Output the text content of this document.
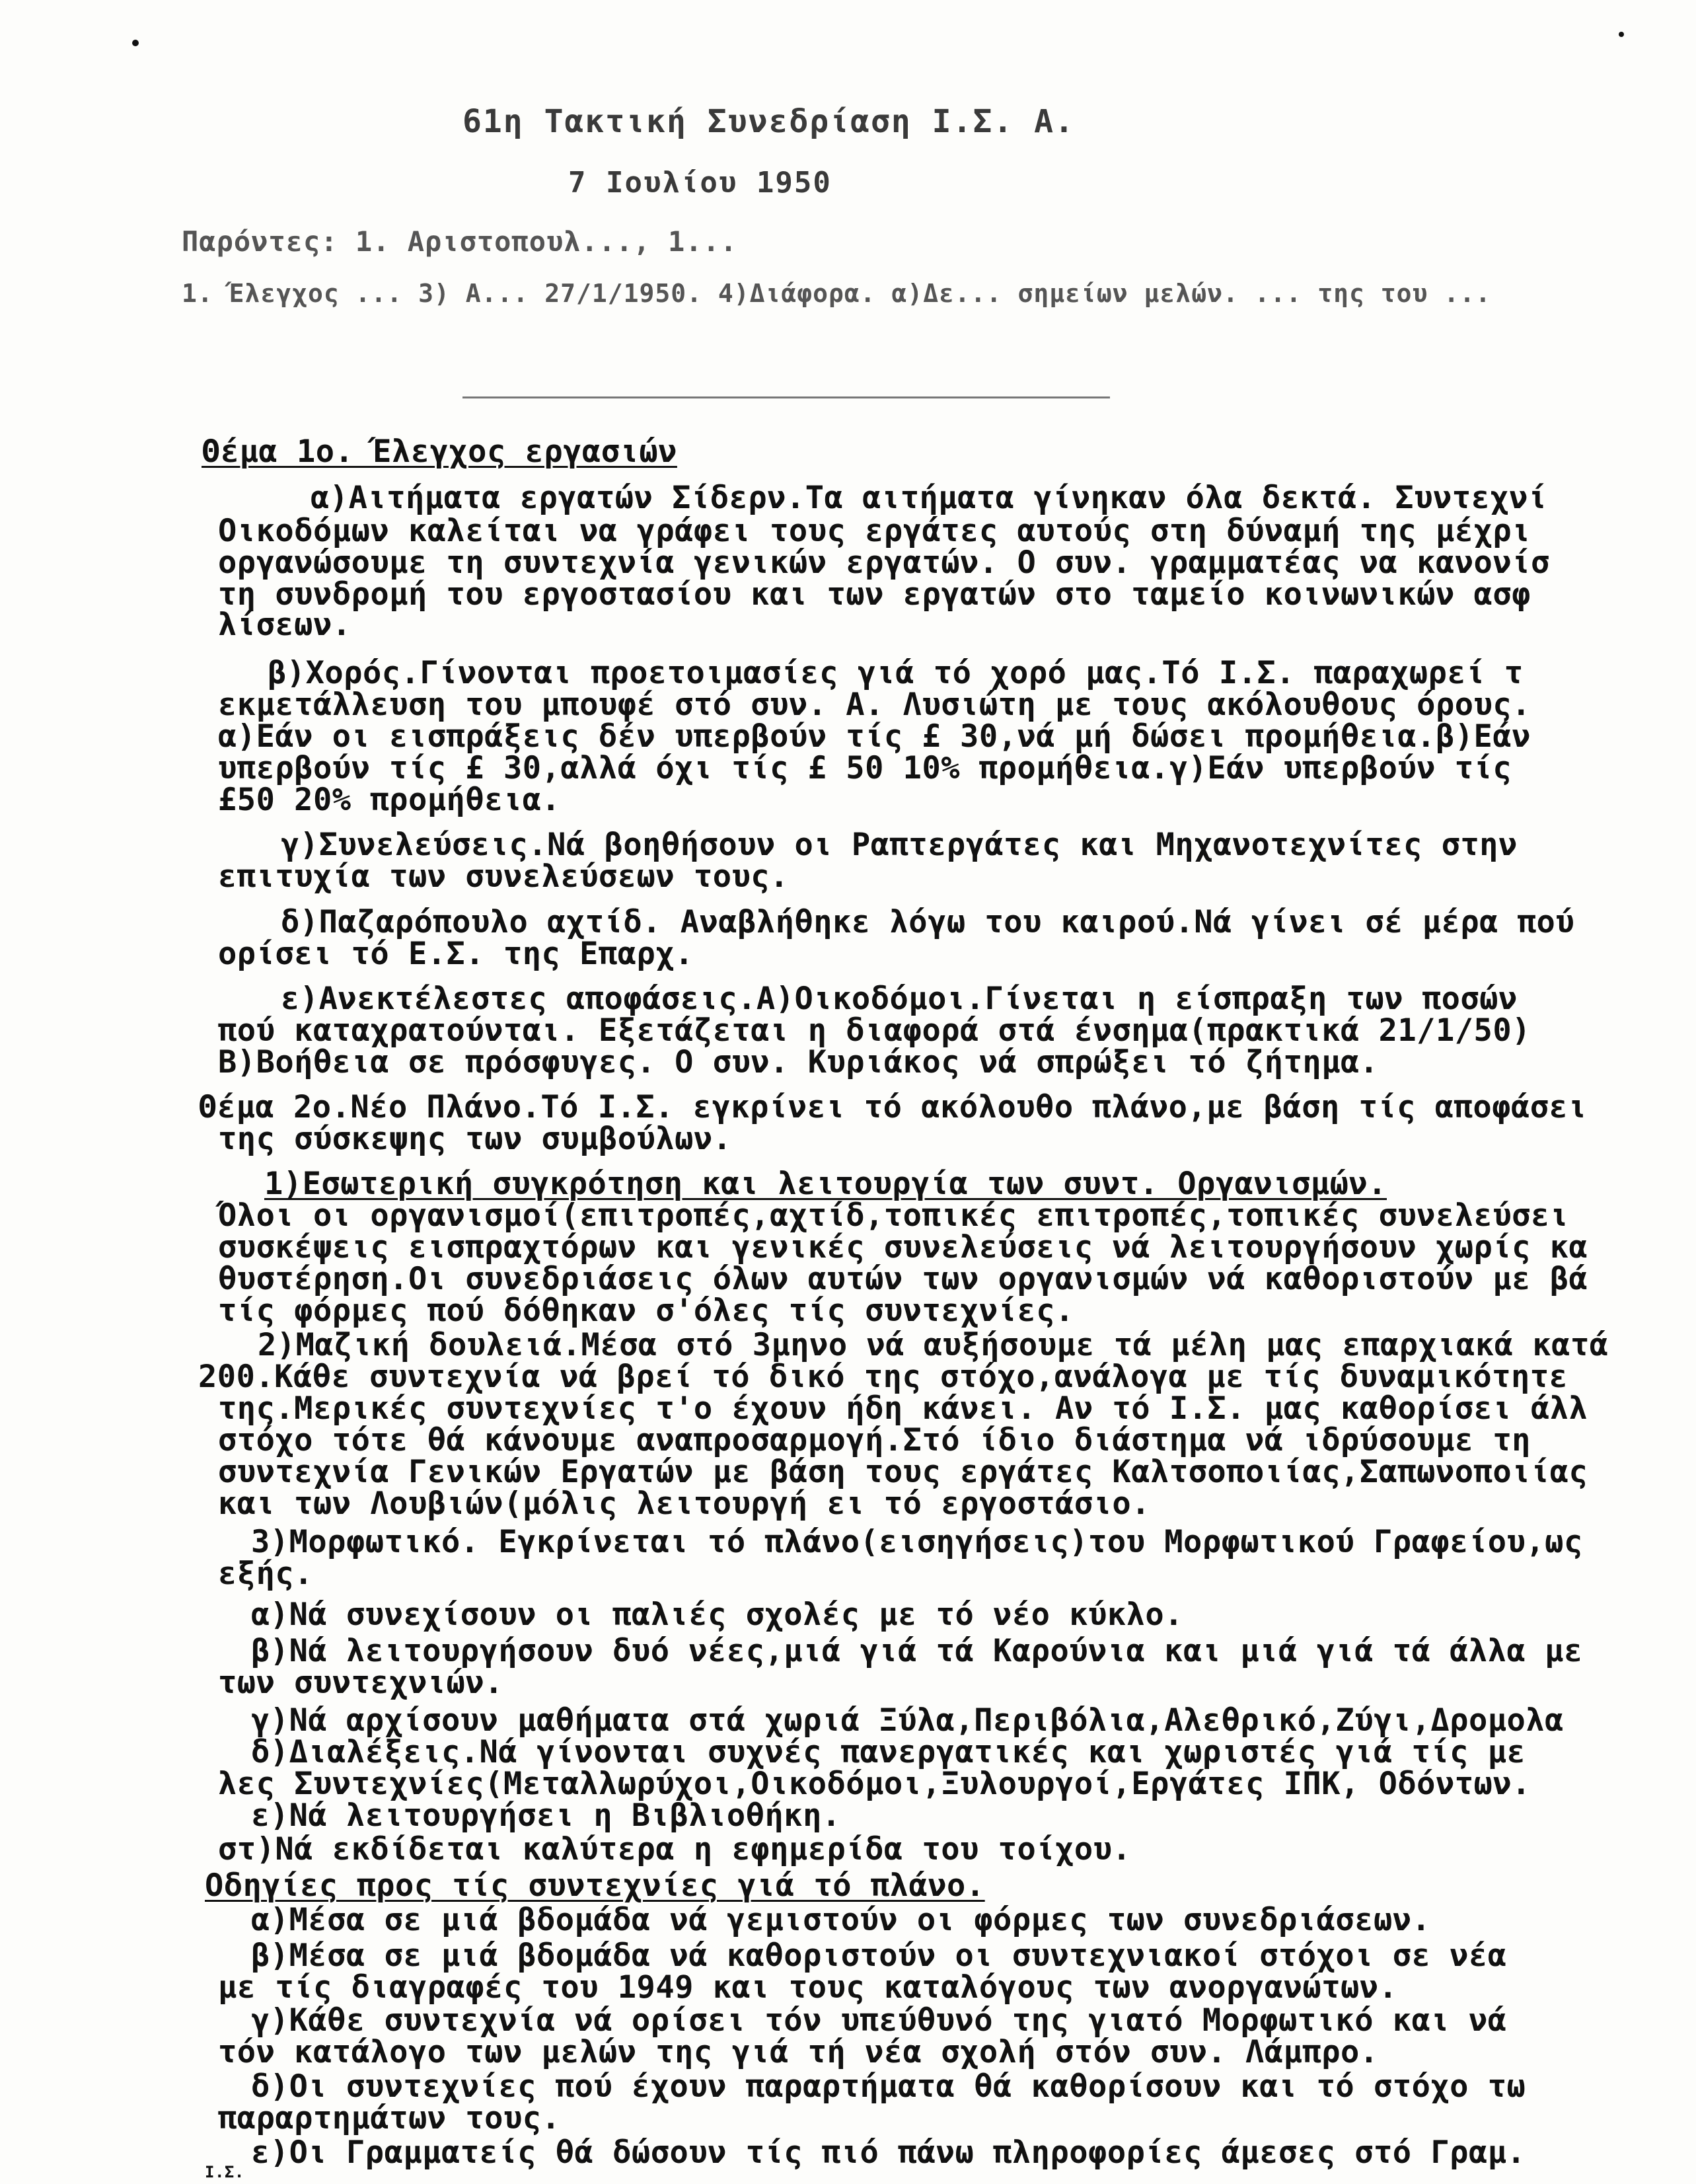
61η Τακτική Συνεδρίαση Ι.Σ. Α.
7 Ιουλίου 1950
Παρόντες: 1. Αριστοπουλ..., 1...
1. Έλεγχος ... 3) Α... 27/1/1950. 4)Διάφορα. α)Δε... σημείων μελών. ... της του ...
Θέμα 1ο. Έλεγχος εργασιών
α)Αιτήματα εργατών Σίδερν.Τα αιτήματα γίνηκαν όλα δεκτά. Συντεχνί
Οικοδόμων καλείται να γράφει τους εργάτες αυτούς στη δύναμή της μέχρι
οργανώσουμε τη συντεχνία γενικών εργατών. Ο συν. γραμματέας να κανονίσ
τη συνδρομή του εργοστασίου και των εργατών στο ταμείο κοινωνικών ασφ
λίσεων.
β)Χορός.Γίνονται προετοιμασίες γιά τό χορό μας.Τό Ι.Σ. παραχωρεί τ
εκμετάλλευση του μπουφέ στό συν. Α. Λυσιώτη με τους ακόλουθους όρους.
α)Εάν οι εισπράξεις δέν υπερβούν τίς £ 30,νά μή δώσει προμήθεια.β)Εάν
υπερβούν τίς £ 30,αλλά όχι τίς £ 50 10% προμήθεια.γ)Εάν υπερβούν τίς
£50 20% προμήθεια.
γ)Συνελεύσεις.Νά βοηθήσουν οι Ραπτεργάτες και Μηχανοτεχνίτες στην
επιτυχία των συνελεύσεων τους.
δ)Παζαρόπουλο αχτίδ. Αναβλήθηκε λόγω του καιρού.Νά γίνει σέ μέρα πού
ορίσει τό Ε.Σ. της Επαρχ.
ε)Ανεκτέλεστες αποφάσεις.Α)Οικοδόμοι.Γίνεται η είσπραξη των ποσών
πού καταχρατούνται. Εξετάζεται η διαφορά στά ένσημα(πρακτικά 21/1/50)
Β)Βοήθεια σε πρόσφυγες. Ο συν. Κυριάκος νά σπρώξει τό ζήτημα.
Θέμα 2ο.Νέο Πλάνο.Τό Ι.Σ. εγκρίνει τό ακόλουθο πλάνο,με βάση τίς αποφάσει
της σύσκεψης των συμβούλων.
1)Εσωτερική συγκρότηση και λειτουργία των συντ. Οργανισμών.
Όλοι οι οργανισμοί(επιτροπές,αχτίδ,τοπικές επιτροπές,τοπικές συνελεύσει
συσκέψεις εισπραχτόρων και γενικές συνελεύσεις νά λειτουργήσουν χωρίς κα
θυστέρηση.Οι συνεδριάσεις όλων αυτών των οργανισμών νά καθοριστούν με βά
τίς φόρμες πού δόθηκαν σ'όλες τίς συντεχνίες.
2)Μαζική δουλειά.Μέσα στό 3μηνο νά αυξήσουμε τά μέλη μας επαρχιακά κατά
200.Κάθε συντεχνία νά βρεί τό δικό της στόχο,ανάλογα με τίς δυναμικότητε
της.Μερικές συντεχνίες τ'ο έχουν ήδη κάνει. Αν τό Ι.Σ. μας καθορίσει άλλ
στόχο τότε θά κάνουμε αναπροσαρμογή.Στό ίδιο διάστημα νά ιδρύσουμε τη
συντεχνία Γενικών Εργατών με βάση τους εργάτες Καλτσοποιίας,Σαπωνοποιίας
και των Λουβιών(μόλις λειτουργή ει τό εργοστάσιο.
3)Μορφωτικό. Εγκρίνεται τό πλάνο(εισηγήσεις)του Μορφωτικού Γραφείου,ως
εξής.
α)Νά συνεχίσουν οι παλιές σχολές με τό νέο κύκλο.
β)Νά λειτουργήσουν δυό νέες,μιά γιά τά Καρούνια και μιά γιά τά άλλα με
των συντεχνιών.
γ)Νά αρχίσουν μαθήματα στά χωριά Ξύλα,Περιβόλια,Αλεθρικό,Ζύγι,Δρομολα
δ)Διαλέξεις.Νά γίνονται συχνές πανεργατικές και χωριστές γιά τίς με
λες Συντεχνίες(Μεταλλωρύχοι,Οικοδόμοι,Ξυλουργοί,Εργάτες ΙΠΚ, Οδόντων.
ε)Νά λειτουργήσει η Βιβλιοθήκη.
στ)Νά εκδίδεται καλύτερα η εφημερίδα του τοίχου.
Οδηγίες προς τίς συντεχνίες γιά τό πλάνο.
α)Μέσα σε μιά βδομάδα νά γεμιστούν οι φόρμες των συνεδριάσεων.
β)Μέσα σε μιά βδομάδα νά καθοριστούν οι συντεχνιακοί στόχοι σε νέα
με τίς διαγραφές του 1949 και τους καταλόγους των ανοργανώτων.
γ)Κάθε συντεχνία νά ορίσει τόν υπεύθυνό της γιατό Μορφωτικό και νά
τόν κατάλογο των μελών της γιά τή νέα σχολή στόν συν. Λάμπρο.
δ)Οι συντεχνίες πού έχουν παραρτήματα θά καθορίσουν και τό στόχο τω
παραρτημάτων τους.
ε)Οι Γραμματείς θά δώσουν τίς πιό πάνω πληροφορίες άμεσες στό Γραμ.
Ι.Σ.
